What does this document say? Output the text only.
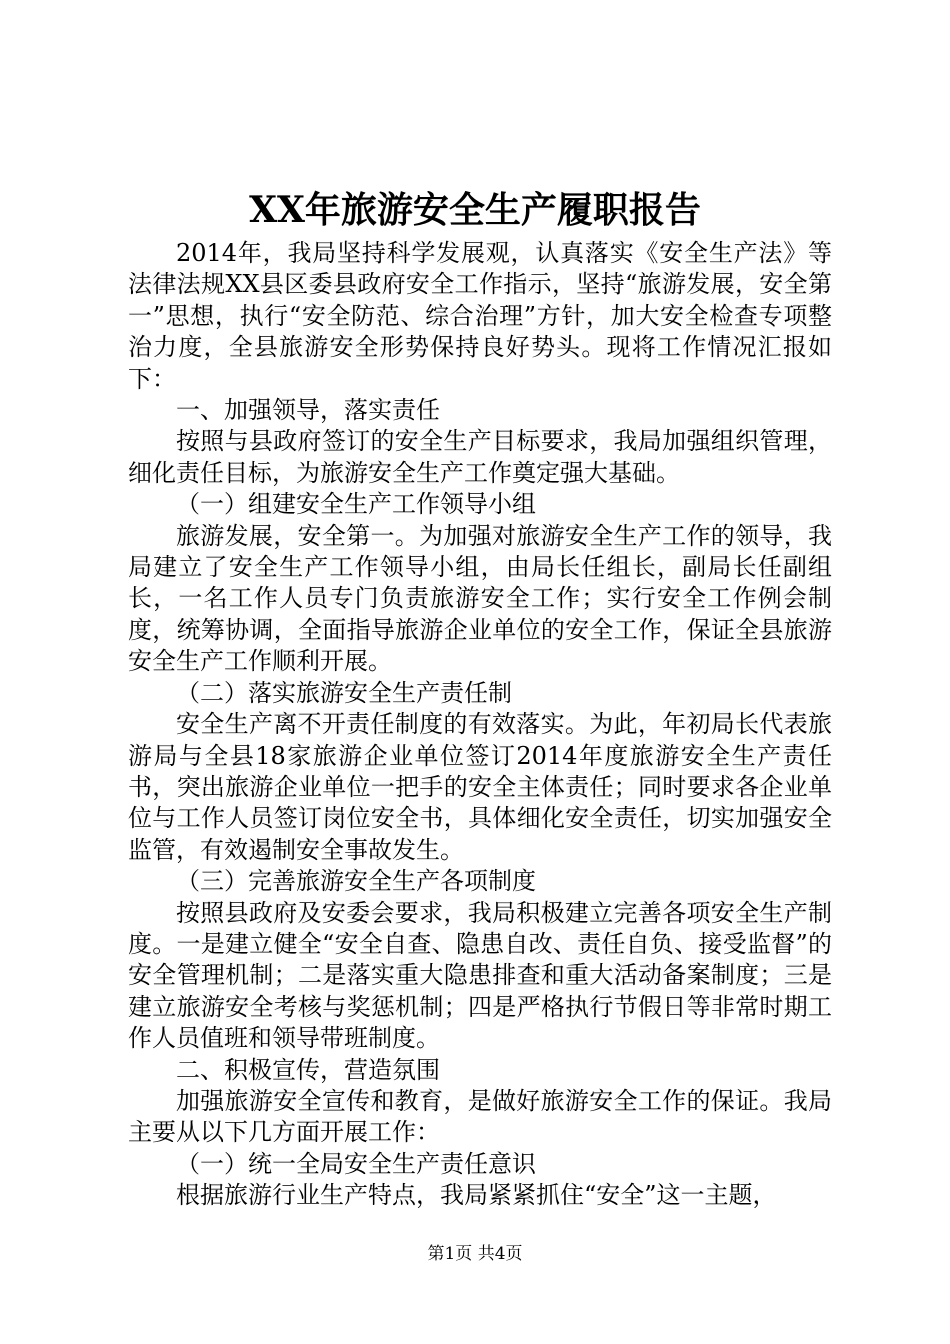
XX年旅游安全生产履职报告

2014年，我局坚持科学发展观，认真落实《安全生产法》等法律法规XX县区委县政府安全工作指示，坚持“旅游发展，安全第一”思想，执行“安全防范、综合治理”方针，加大安全检查专项整治力度，全县旅游安全形势保持良好势头。现将工作情况汇报如下：

一、加强领导，落实责任

按照与县政府签订的安全生产目标要求，我局加强组织管理，细化责任目标，为旅游安全生产工作奠定强大基础。

（一）组建安全生产工作领导小组

旅游发展，安全第一。为加强对旅游安全生产工作的领导，我局建立了安全生产工作领导小组，由局长任组长，副局长任副组长，一名工作人员专门负责旅游安全工作；实行安全工作例会制度，统筹协调，全面指导旅游企业单位的安全工作，保证全县旅游安全生产工作顺利开展。

（二）落实旅游安全生产责任制

安全生产离不开责任制度的有效落实。为此，年初局长代表旅游局与全县18家旅游企业单位签订2014年度旅游安全生产责任书，突出旅游企业单位一把手的安全主体责任；同时要求各企业单位与工作人员签订岗位安全书，具体细化安全责任，切实加强安全监管，有效遏制安全事故发生。

（三）完善旅游安全生产各项制度

按照县政府及安委会要求，我局积极建立完善各项安全生产制度。一是建立健全“安全自查、隐患自改、责任自负、接受监督”的安全管理机制；二是落实重大隐患排查和重大活动备案制度；三是建立旅游安全考核与奖惩机制；四是严格执行节假日等非常时期工作人员值班和领导带班制度。

二、积极宣传，营造氛围

加强旅游安全宣传和教育，是做好旅游安全工作的保证。我局主要从以下几方面开展工作：

（一）统一全局安全生产责任意识

根据旅游行业生产特点，我局紧紧抓住“安全”这一主题，

第1页 共4页
